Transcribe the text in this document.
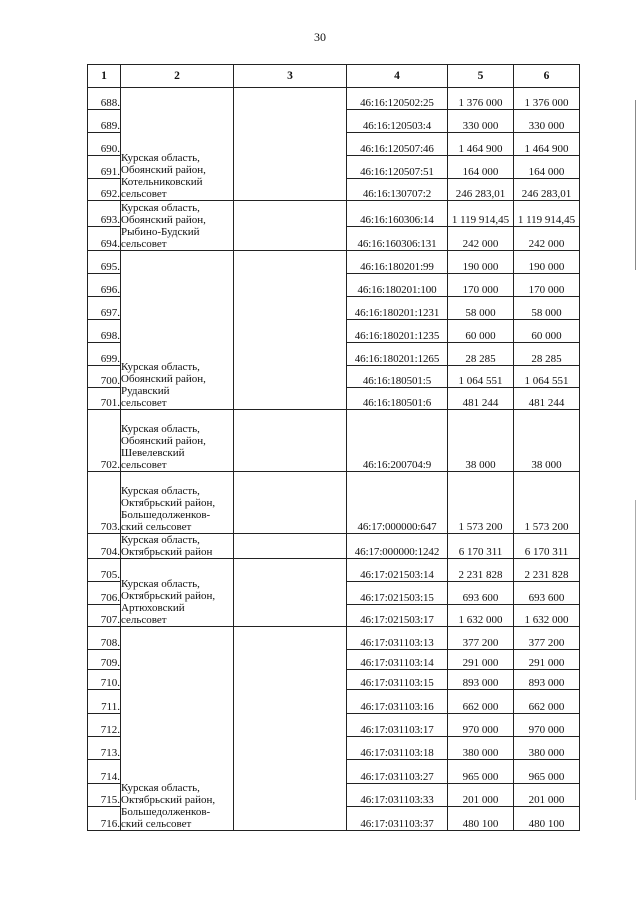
30
1	2	3	4	5	6
688.	Курская область,
Обоянский район,
Котельниковский
сельсовет		46:16:120502:25	1 376 000	1 376 000
689.			46:16:120503:4	330 000	330 000
690.			46:16:120507:46	1 464 900	1 464 900
691.			46:16:120507:51	164 000	164 000
692.			46:16:130707:2	246 283,01	246 283,01
693.	Курская область,
Обоянский район,
Рыбино-Будский
сельсовет		46:16:160306:14	1 119 914,45	1 119 914,45
694.			46:16:160306:131	242 000	242 000
695.	Курская область,
Обоянский район,
Рудавский
сельсовет		46:16:180201:99	190 000	190 000
696.			46:16:180201:100	170 000	170 000
697.			46:16:180201:1231	58 000	58 000
698.			46:16:180201:1235	60 000	60 000
699.			46:16:180201:1265	28 285	28 285
700.			46:16:180501:5	1 064 551	1 064 551
701.			46:16:180501:6	481 244	481 244
702.	Курская область,
Обоянский район,
Шевелевский
сельсовет		46:16:200704:9	38 000	38 000
703.	Курская область,
Октябрьский район,
Большедолженков-
ский сельсовет		46:17:000000:647	1 573 200	1 573 200
704.	Курская область,
Октябрьский район		46:17:000000:1242	6 170 311	6 170 311
705.	Курская область,
Октябрьский район,
Артюховский
сельсовет		46:17:021503:14	2 231 828	2 231 828
706.			46:17:021503:15	693 600	693 600
707.			46:17:021503:17	1 632 000	1 632 000
708.	Курская область,
Октябрьский район,
Большедолженков-
ский сельсовет		46:17:031103:13	377 200	377 200
709.			46:17:031103:14	291 000	291 000
710.			46:17:031103:15	893 000	893 000
711.			46:17:031103:16	662 000	662 000
712.			46:17:031103:17	970 000	970 000
713.			46:17:031103:18	380 000	380 000
714.			46:17:031103:27	965 000	965 000
715.			46:17:031103:33	201 000	201 000
716.			46:17:031103:37	480 100	480 100
